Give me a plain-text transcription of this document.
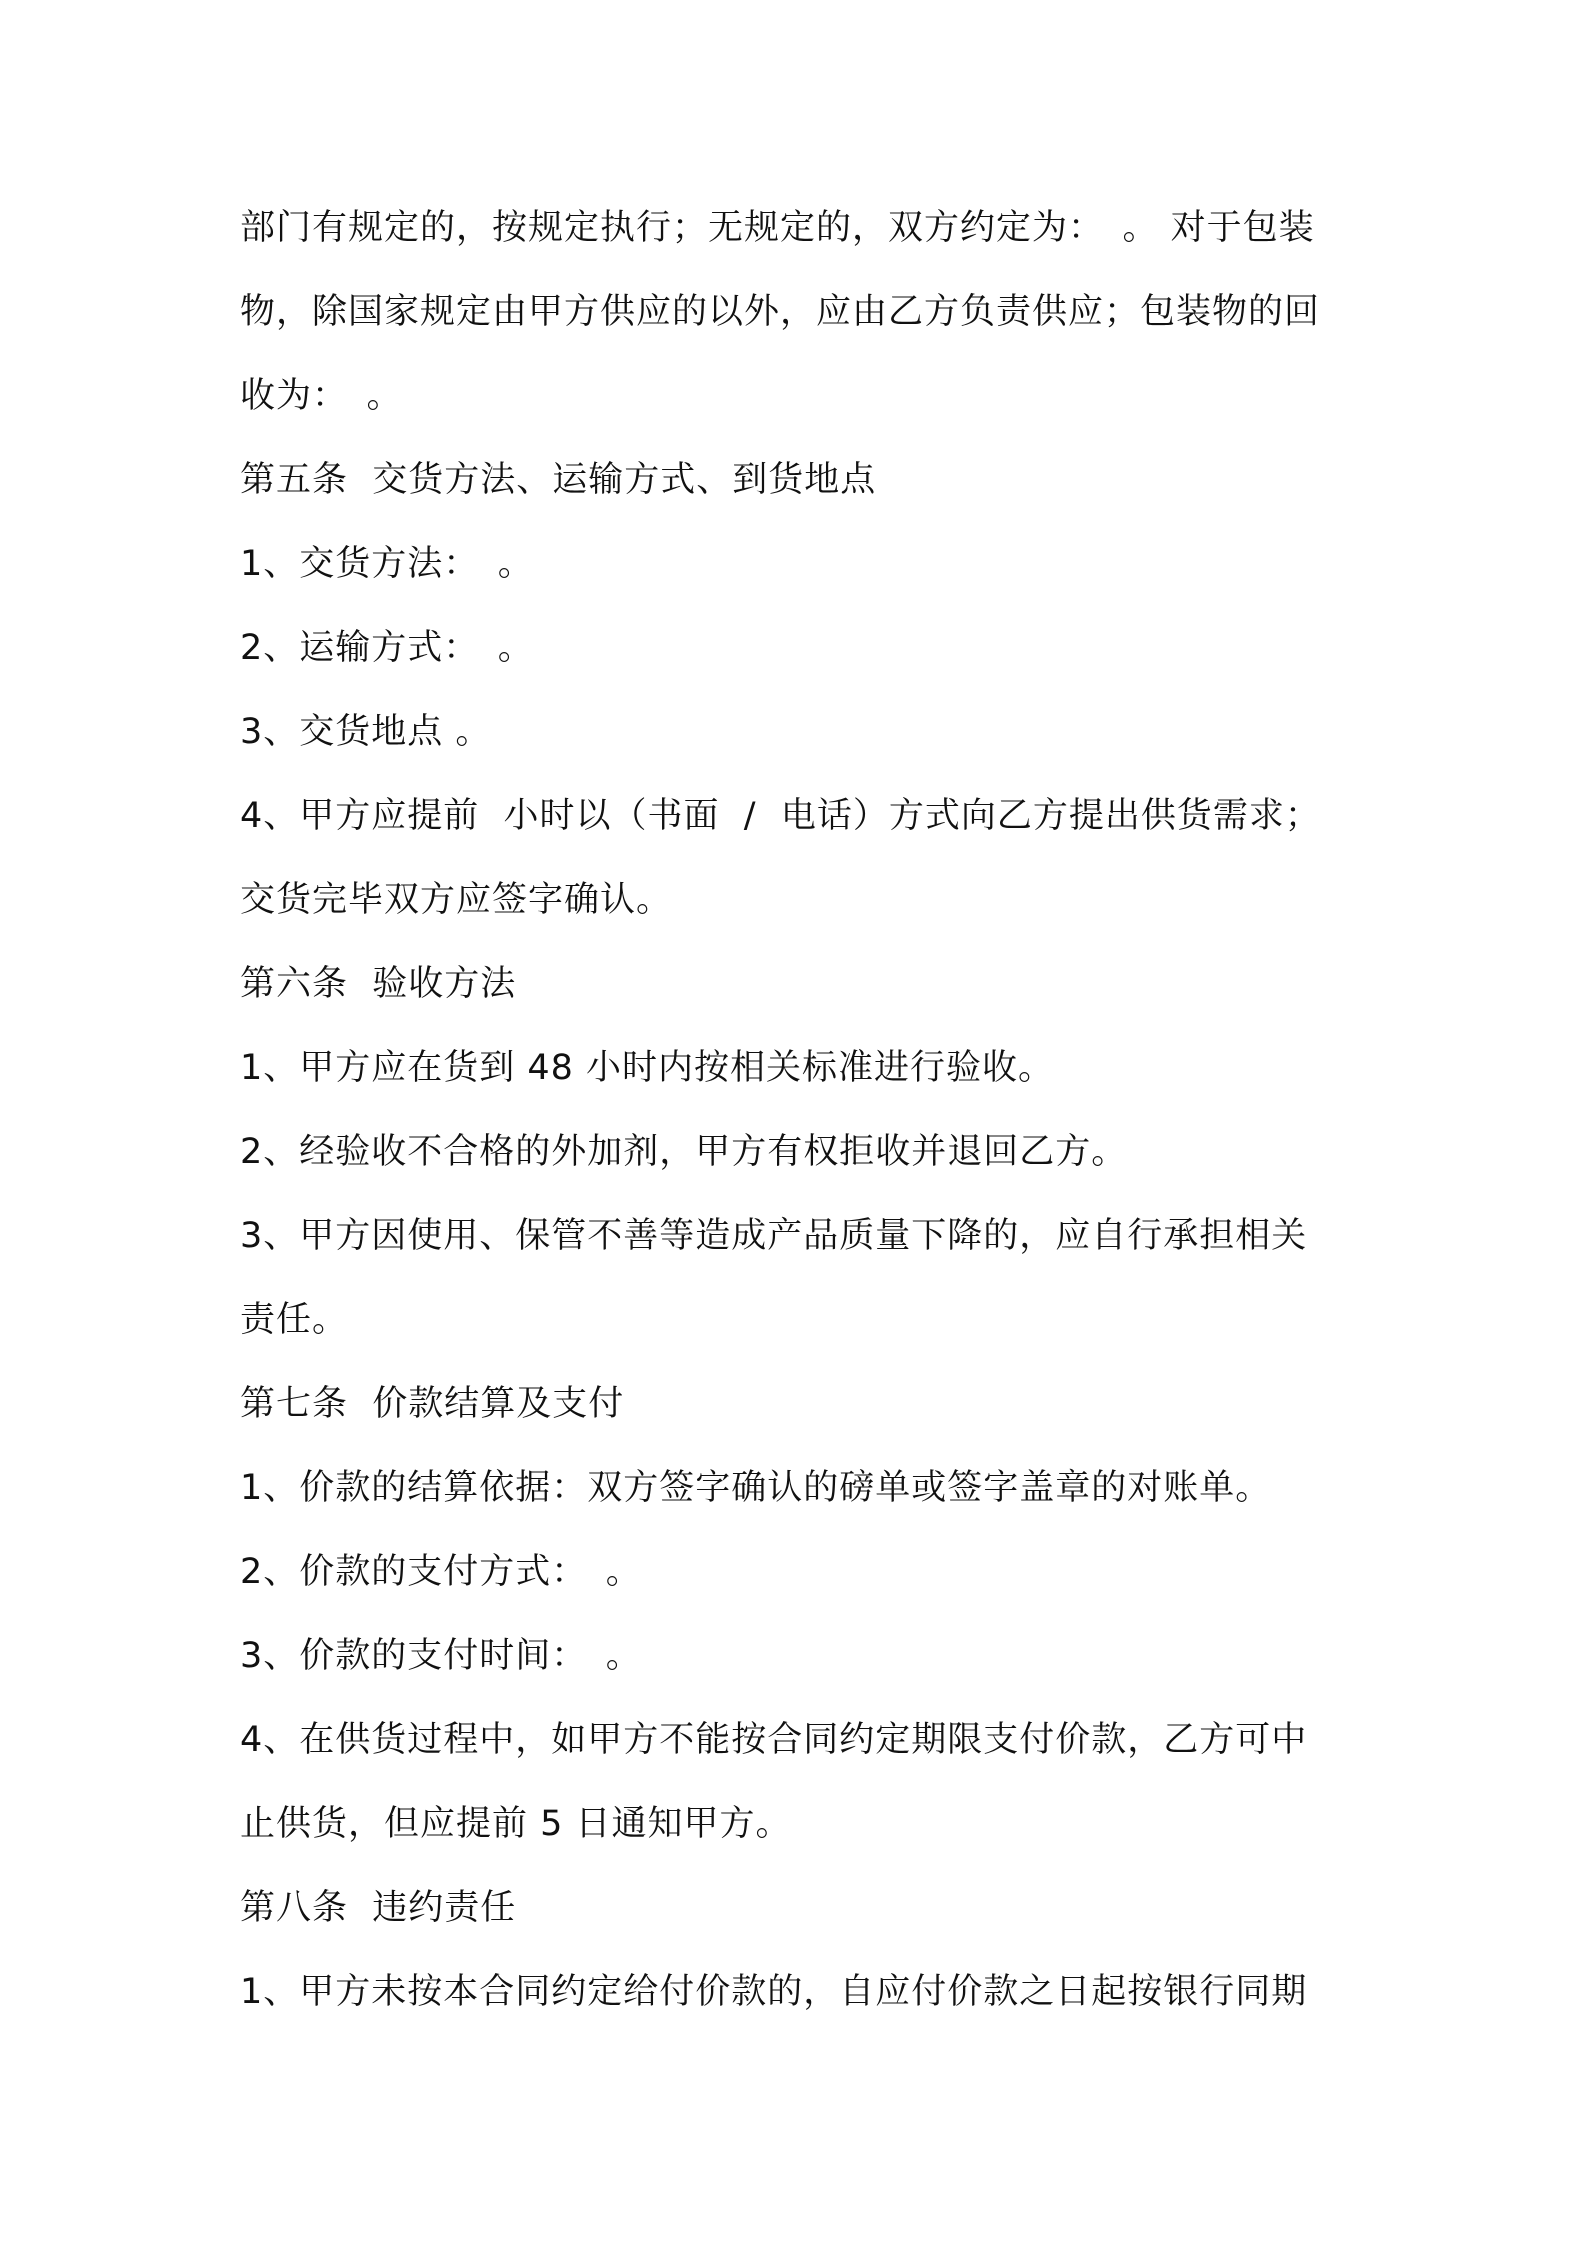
部门有规定的，按规定执行；无规定的，双方约定为：　。 对于包装

物，除国家规定由甲方供应的以外，应由乙方负责供应；包装物的回

收为：　。

第五条  交货方法、运输方式、到货地点

1、交货方法：　。

2、运输方式：　。

3、交货地点 。

4、甲方应提前  小时以（书面  /  电话）方式向乙方提出供货需求；

交货完毕双方应签字确认。

第六条  验收方法

1、甲方应在货到 48 小时内按相关标准进行验收。

2、经验收不合格的外加剂，甲方有权拒收并退回乙方。

3、甲方因使用、保管不善等造成产品质量下降的，应自行承担相关

责任。

第七条  价款结算及支付

1、价款的结算依据：双方签字确认的磅单或签字盖章的对账单。

2、价款的支付方式：　。

3、价款的支付时间：　。

4、在供货过程中，如甲方不能按合同约定期限支付价款，乙方可中

止供货，但应提前 5 日通知甲方。

第八条  违约责任

1、甲方未按本合同约定给付价款的，自应付价款之日起按银行同期
